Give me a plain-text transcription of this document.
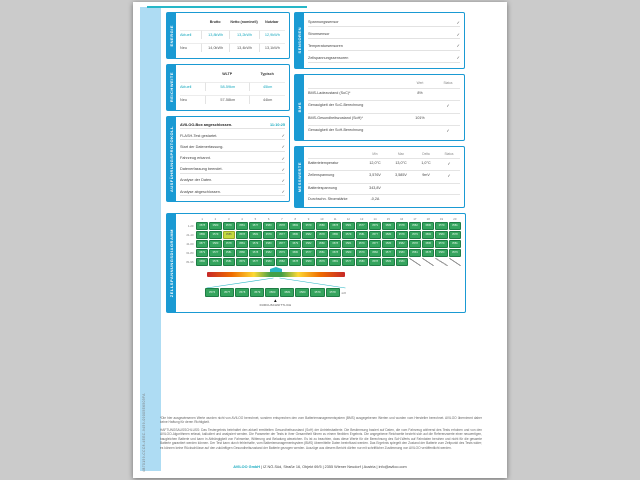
4B70159-CCC8-4EEC-9459-09005E6503FA
ENERGIE
Brutto	Netto (nominell)	Nutzbar
Aktuell	13,8kWh	13,2kWh	12,9kWh
Neu	14,0kWh	13,4kWh	13,1kWh
REICHWEITE	WLTP	Typisch
Aktuell	58-59km	45km
Neu	57-58km	44km
AUSFÜHRUNGSPROTOKOLL
AVILOO-Box angeschlossen.	11:10:25
FLASH-Test gestartet.	✓
Start der Datenerfassung.	✓
Fahrzeug erkannt.	✓
Datenerfassung beendet.	✓
Analyse der Daten.	✓
Analyse abgeschlossen.	✓
SENSOREN
Spannungssensor	✓
Stromsensor	✓
Temperatursensoren	✓
Zellspannungssensoren	✓
BMS
Wert	Status
BMS-Ladezustand (SoC)*	8%
Genauigkeit der SoC-Berechnung	✓
BMS-Gesundheitszustand (SoH)*	101%
Genauigkeit der SoH-Berechnung	✓
MESSWERTE
Min	Max	Delta	Status
Batterietemperatur	12,0°C	13,0°C	1,0°C	✓
Zellenspannung	3,576V	3,585V	9mV	✓
Batteriespannung	343,8V
Durchschn. Stromstärke	-0,2A
ZELLSPANNUNGSDIAGRAMM
1	2	3	4	5	6	7	8	9	10	11	12	13	14	15	16	17	18	19	20
1-20	3578	3580	3579	3581	3577	3580	3578	3582	3579	3580	3578	3581	3577	3579	3580	3578	3582	3580	3579	3581
21-40	3580	3579	3585	3578	3581	3579	3577	3580	3582	3578	3580	3579	3581	3577	3580	3578	3579	3582	3580	3578
41-60	3577	3580	3578	3581	3579	3580	3577	3579	3582	3580	3578	3581	3579	3577	3580	3582	3578	3580	3579	3581
61-80	3579	3577	3581	3580	3578	3582	3579	3580	3577	3581	3578	3580	3579	3582	3577	3580	3581	3578	3580	3579
81-96	3580	3578	3581	3579	3577	3580	3582	3578	3580	3579	3581	3577	3580	3578	3582	3580
3576	3577	3578	3579	3580	3581	3580	3579	3578	mV
▲
DURCHSCHNITTLICH

*Die hier ausgewiesenen Werte wurden nicht von AVILOO berechnet, sondern entsprechen den vom Batteriemanagementsystem (BMS) ausgegebenen Werten und wurden vom Hersteller berechnet. AVILOO übernimmt daher keine Haftung für deren Richtigkeit.

HAFTUNGSAUSSCHLUSS: Das Testergebnis beinhaltet den aktuell ermittelten Gesundheitszustand (SoH) der Antriebsbatterie. Die Bestimmung basiert auf Daten, die vom Fahrzeug während des Tests erhoben und von den AVILOO-Algorithmen erfasst, kalkuliert und analysiert werden. Die Parameter der Tests in ihrer Gesamtheit führen zu einem flexiblen Ergebnis. Die angegebene Reichweite bezieht sich auf die Referenzwerte einer neuwertigen, baugleichen Batterie und kann in Abhängigkeit von Fahrweise, Witterung und Beladung abweichen. Es ist zu beachten, dass diese Werte für die Berechnung des SoH-Werts auf Fahrdaten beruhen und nicht für die gesamte Batterie garantiert werden können. Der Test kann durch fehlerhafte, vom Batteriemanagementsystem (BMS) übermittelte Daten beeinflusst werden. Das Ergebnis spiegelt den Zustand der Batterie zum Zeitpunkt des Tests wider; es können keine Rückschlüsse auf den zukünftigen Gesundheitszustand der Batterie gezogen werden. Auszüge aus diesem Bericht dürfen nur mit schriftlicher Zustimmung von AVILOO veröffentlicht werden.

AVILOO GmbH | IZ NÖ-Süd, Straße 16, Objekt 69/5 | 2355 Wiener Neudorf | Austria | info@aviloo.com
